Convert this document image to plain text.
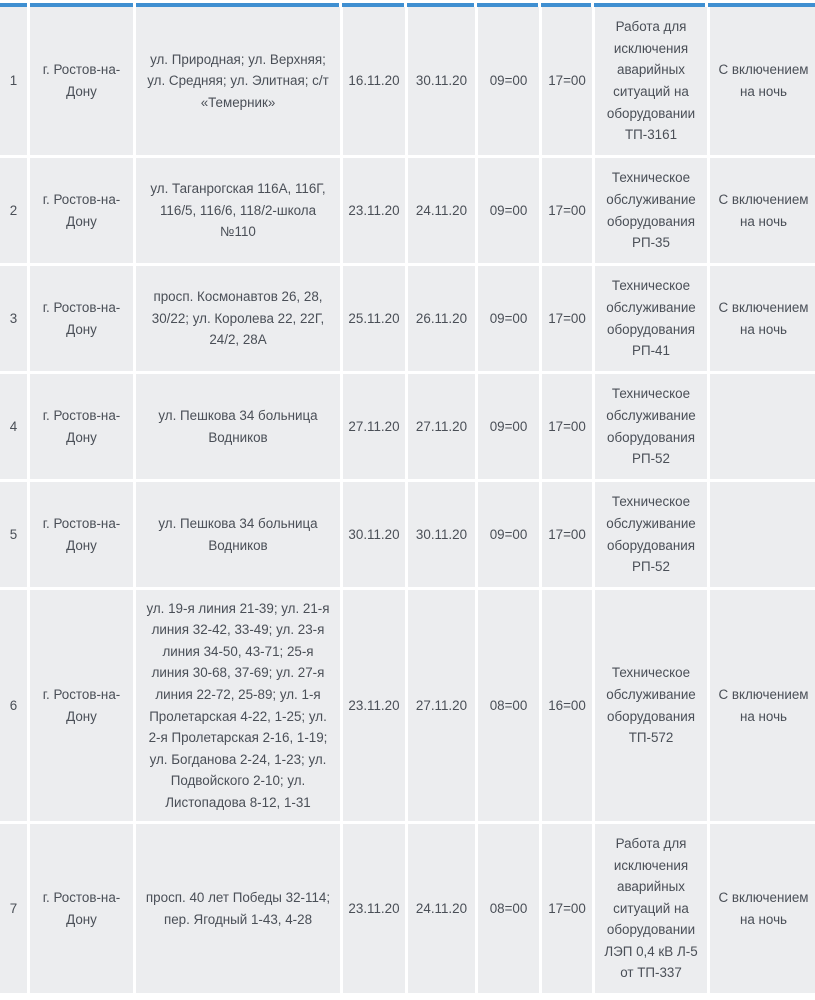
1	г. Ростов-на-Дону	ул. Природная; ул. Верхняя; ул. Средняя; ул. Элитная; с/т «Темерник»	16.11.20	30.11.20	09=00	17=00	Работа для исключения аварийных ситуаций на оборудовании ТП-3161	С включением на ночь
2	г. Ростов-на-Дону	ул. Таганрогская 116А, 116Г, 116/5, 116/6, 118/2-школа №110	23.11.20	24.11.20	09=00	17=00	Техническое обслуживание оборудования РП-35	С включением на ночь
3	г. Ростов-на-Дону	просп. Космонавтов 26, 28, 30/22; ул. Королева 22, 22Г, 24/2, 28А	25.11.20	26.11.20	09=00	17=00	Техническое обслуживание оборудования РП-41	С включением на ночь
4	г. Ростов-на-Дону	ул. Пешкова 34 больница Водников	27.11.20	27.11.20	09=00	17=00	Техническое обслуживание оборудования РП-52	
5	г. Ростов-на-Дону	ул. Пешкова 34 больница Водников	30.11.20	30.11.20	09=00	17=00	Техническое обслуживание оборудования РП-52	
6	г. Ростов-на-Дону	ул. 19-я линия 21-39; ул. 21-я линия 32-42, 33-49; ул. 23-я линия 34-50, 43-71; 25-я линия 30-68, 37-69; ул. 27-я линия 22-72, 25-89; ул. 1-я Пролетарская 4-22, 1-25; ул. 2-я Пролетарская 2-16, 1-19; ул. Богданова 2-24, 1-23; ул. Подвойского 2-10; ул. Листопадова 8-12, 1-31	23.11.20	27.11.20	08=00	16=00	Техническое обслуживание оборудования ТП-572	С включением на ночь
7	г. Ростов-на-Дону	просп. 40 лет Победы 32-114; пер. Ягодный 1-43, 4-28	23.11.20	24.11.20	08=00	17=00	Работа для исключения аварийных ситуаций на оборудовании ЛЭП 0,4 кВ Л-5 от ТП-337	С включением на ночь
